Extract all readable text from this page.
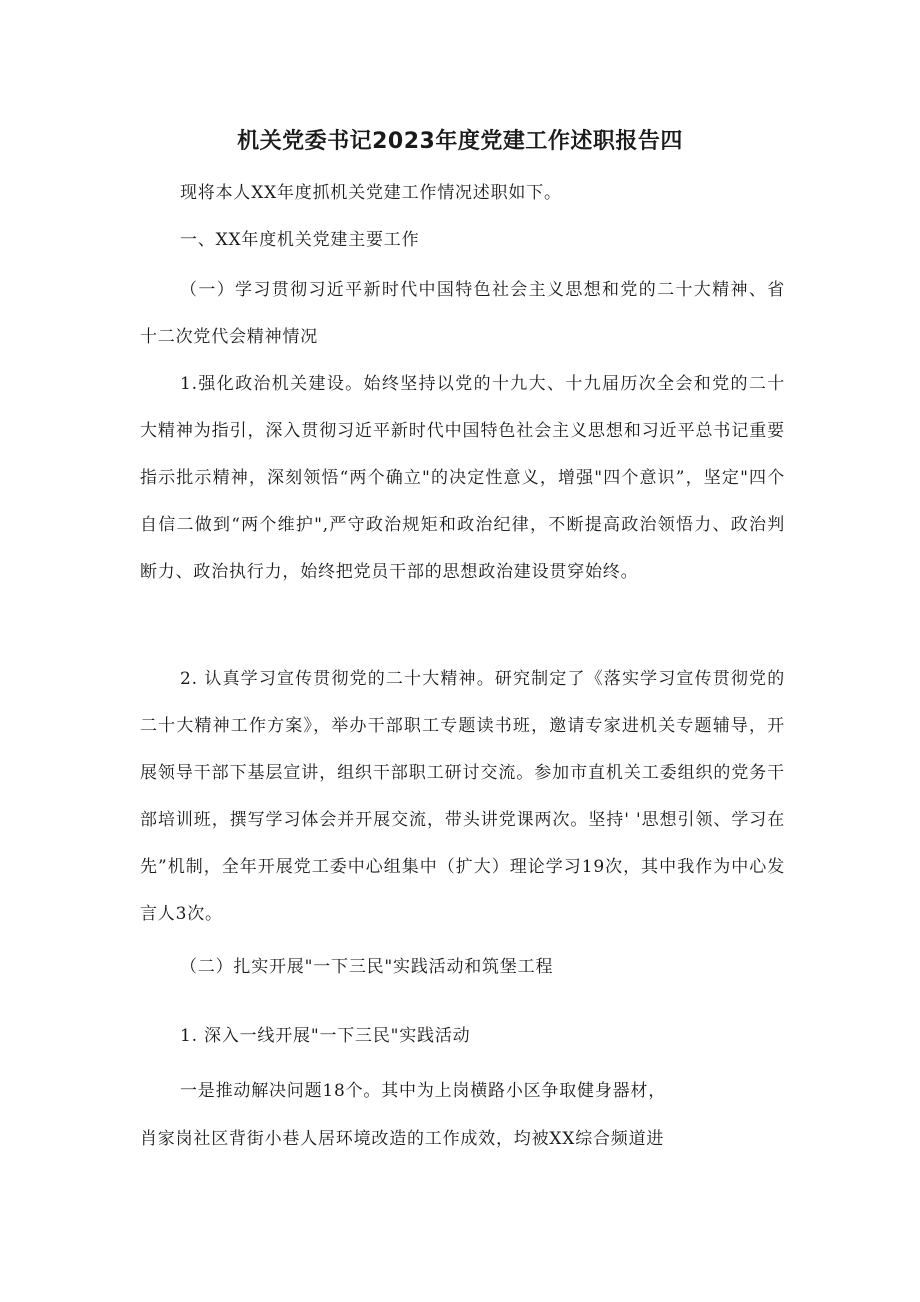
机关党委书记2023年度党建工作述职报告四
现将本人XX年度抓机关党建工作情况述职如下。
一、XX年度机关党建主要工作
（一）学习贯彻习近平新时代中国特色社会主义思想和党的二十大精神、省十二次党代会精神情况
1.强化政治机关建设。始终坚持以党的十九大、十九届历次全会和党的二十大精神为指引，深入贯彻习近平新时代中国特色社会主义思想和习近平总书记重要指示批示精神，深刻领悟“两个确立"的决定性意义，增强"四个意识”，坚定"四个自信二做到“两个维护",严守政治规矩和政治纪律，不断提高政治领悟力、政治判断力、政治执行力，始终把党员干部的思想政治建设贯穿始终。
2. 认真学习宣传贯彻党的二十大精神。研究制定了《落实学习宣传贯彻党的二十大精神工作方案》，举办干部职工专题读书班，邀请专家进机关专题辅导，开展领导干部下基层宣讲，组织干部职工研讨交流。参加市直机关工委组织的党务干部培训班，撰写学习体会并开展交流，带头讲党课两次。坚持' '思想引领、学习在先”机制，全年开展党工委中心组集中（扩大）理论学习19次，其中我作为中心发言人3次。
（二）扎实开展"一下三民"实践活动和筑堡工程
1. 深入一线开展"一下三民"实践活动
一是推动解决问题18个。其中为上岗横路小区争取健身器材，
肖家岗社区背街小巷人居环境改造的工作成效，均被XX综合频道进
